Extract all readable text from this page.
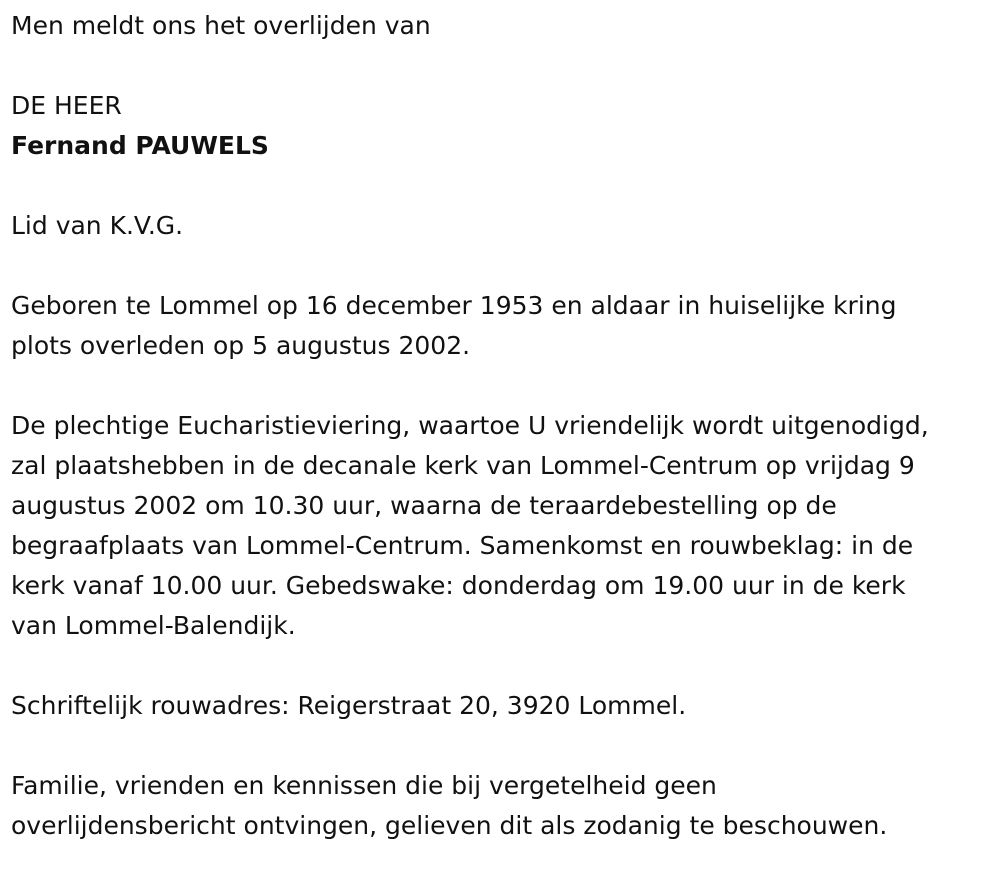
Men meldt ons het overlijden van
DE HEER
Fernand PAUWELS
Lid van K.V.G.

Geboren te Lommel op 16 december 1953 en aldaar in huiselijke kring
plots overleden op 5 augustus 2002.

De plechtige Eucharistieviering, waartoe U vriendelijk wordt uitgenodigd,
zal plaatshebben in de decanale kerk van Lommel-Centrum op vrijdag 9
augustus 2002 om 10.30 uur, waarna de teraardebestelling op de
begraafplaats van Lommel-Centrum. Samenkomst en rouwbeklag: in de
kerk vanaf 10.00 uur. Gebedswake: donderdag om 19.00 uur in de kerk
van Lommel-Balendijk.

Schriftelijk rouwadres: Reigerstraat 20, 3920 Lommel.

Familie, vrienden en kennissen die bij vergetelheid geen
overlijdensbericht ontvingen, gelieven dit als zodanig te beschouwen.
